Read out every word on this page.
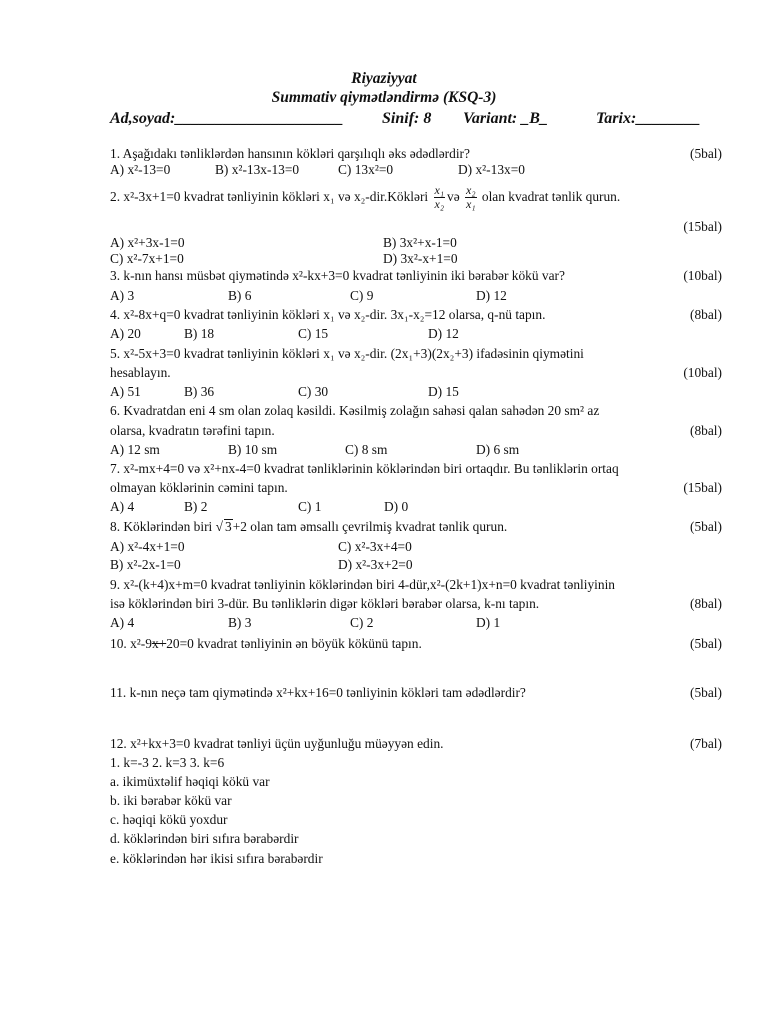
Riyaziyyat
Summativ qiymətləndirmə (KSQ-3)
Ad,soyad:_____________________ Sinif: 8 Variant: _B_	Tarix:________
1. Aşağıdakı tənliklərdən hansının kökləri qarşılıqlı əks ədədlərdir?	(5bal)
A) x²-13=0	B) x²-13x-13=0	C) 13x²=0	D) x²-13x=0
2. x²-3x+1=0 kvadrat tənliyinin kökləri x₁ və x₂-dir.Kökləri $\frac{\text{x₁}}{\text{x₂}}$ və $\frac{\text{x₂}}{\text{x₁}}$ olan kvadrat tənlik qurun.
(15bal)
A) x²+3x-1=0	B) 3x²+x-1=0
C) x²-7x+1=0	D) 3x²-x+1=0
3. k-nın hansı müsbət qiymətində x²-kx+3=0 kvadrat tənliyinin iki bərabər kökü var?	(10bal)
A) 3	B) 6	C) 9	D) 12
4. x²-8x+q=0 kvadrat tənliyinin kökləri x₁ və x₂-dir. 3x₁-x₂=12 olarsa, q-nü tapın.	(8bal)
A) 20	B) 18	C) 15	D) 12
5. x²-5x+3=0 kvadrat tənliyinin kökləri x₁ və x₂-dir. (2x₁+3)(2x₂+3) ifadəsinin qiymətini
hesablayın.	(10bal)
A) 51	B) 36	C) 30	D) 15
6. Kvadratdan eni 4 sm olan zolaq kəsildi. Kəsilmiş zolağın sahəsi qalan sahədən 20 sm² az
olarsa, kvadratın tərəfini tapın.	(8bal)
A) 12 sm	B) 10 sm	C) 8 sm	D) 6 sm
7. x²-mx+4=0 və x²+nx-4=0 kvadrat tənliklərinin köklərindən biri ortaqdır. Bu tənliklərin ortaq
olmayan köklərinin cəmini tapın.	(15bal)
A) 4	B) 2	C) 1	D) 0
8. Köklərindən biri √ 3+2 olan tam əmsallı çevrilmiş kvadrat tənlik qurun.	(5bal)
A) x²-4x+1=0	C) x²-3x+4=0
B) x²-2x-1=0	D) x²-3x+2=0
9. x²-(k+4)x+m=0 kvadrat tənliyinin köklərindən biri 4-dür,x²-(2k+1)x+n=0 kvadrat tənliyinin
isə köklərindən biri 3-dür. Bu tənliklərin digər kökləri bərabər olarsa, k-nı tapın.	(8bal)
A) 4	B) 3	C) 2	D) 1
10. x²-9x+20=0 kvadrat tənliyinin ən böyük kökünü tapın.	(5bal)
11. k-nın neçə tam qiymətində x²+kx+16=0 tənliyinin kökləri tam ədədlərdir?	(5bal)
12. x²+kx+3=0 kvadrat tənliyi üçün uyğunluğu müəyyən edin.	(7bal)
1. k=-3 2. k=3 3. k=6
a. ikimüxtəlif həqiqi kökü var
b. iki bərabər kökü var
c. həqiqi kökü yoxdur
d. köklərindən biri sıfıra bərabərdir
e. köklərindən hər ikisi sıfıra bərabərdir
